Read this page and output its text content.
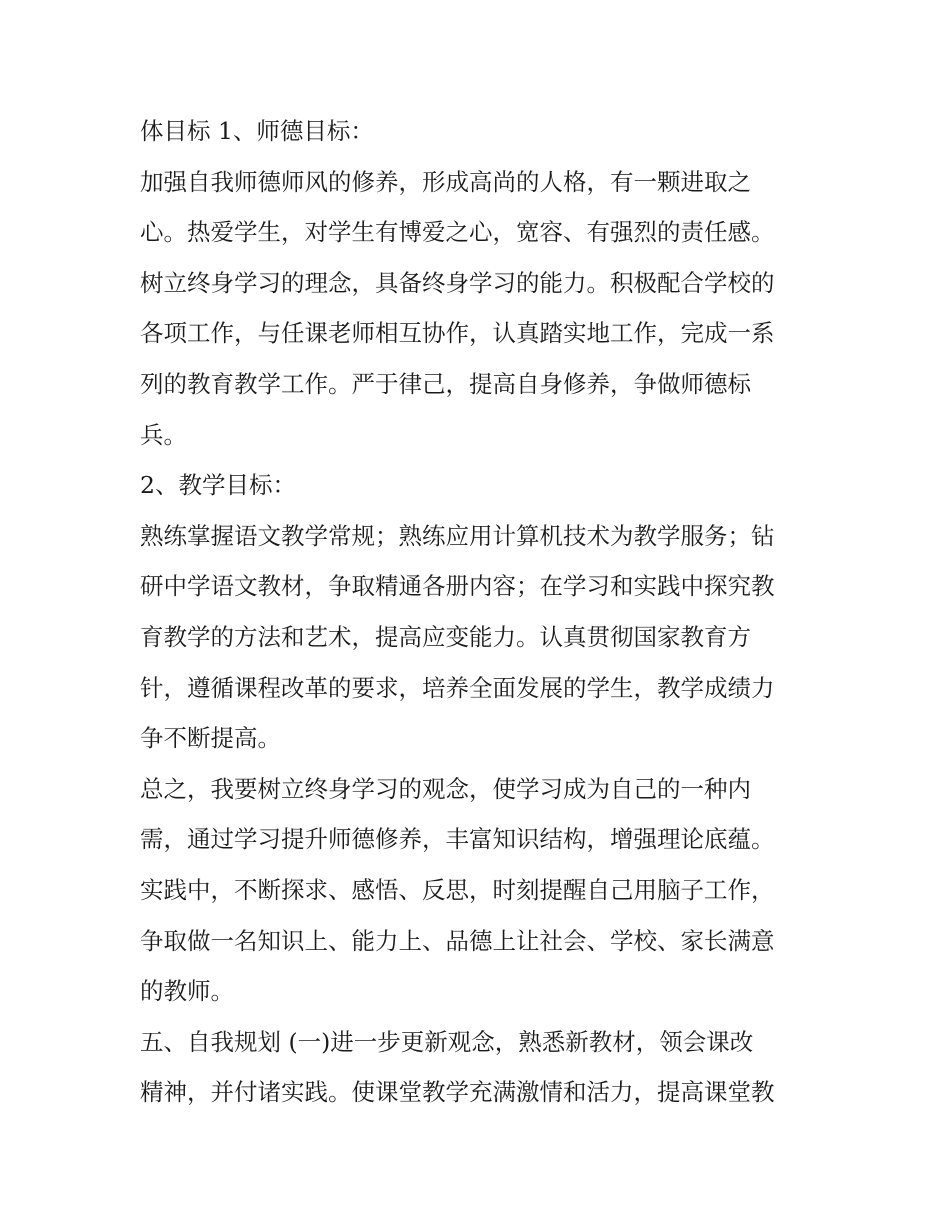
体目标 1、师德目标：
加强自我师德师风的修养，形成高尚的人格，有一颗进取之
心。热爱学生，对学生有博爱之心，宽容、有强烈的责任感。
树立终身学习的理念，具备终身学习的能力。积极配合学校的
各项工作，与任课老师相互协作，认真踏实地工作，完成一系
列的教育教学工作。严于律己，提高自身修养，争做师德标
兵。
2、教学目标：
熟练掌握语文教学常规；熟练应用计算机技术为教学服务；钻
研中学语文教材，争取精通各册内容；在学习和实践中探究教
育教学的方法和艺术，提高应变能力。认真贯彻国家教育方
针，遵循课程改革的要求，培养全面发展的学生，教学成绩力
争不断提高。
总之，我要树立终身学习的观念，使学习成为自己的一种内
需，通过学习提升师德修养，丰富知识结构，增强理论底蕴。
实践中，不断探求、感悟、反思，时刻提醒自己用脑子工作，
争取做一名知识上、能力上、品德上让社会、学校、家长满意
的教师。
五、自我规划 (一)进一步更新观念，熟悉新教材，领会课改
精神，并付诸实践。使课堂教学充满激情和活力，提高课堂教
